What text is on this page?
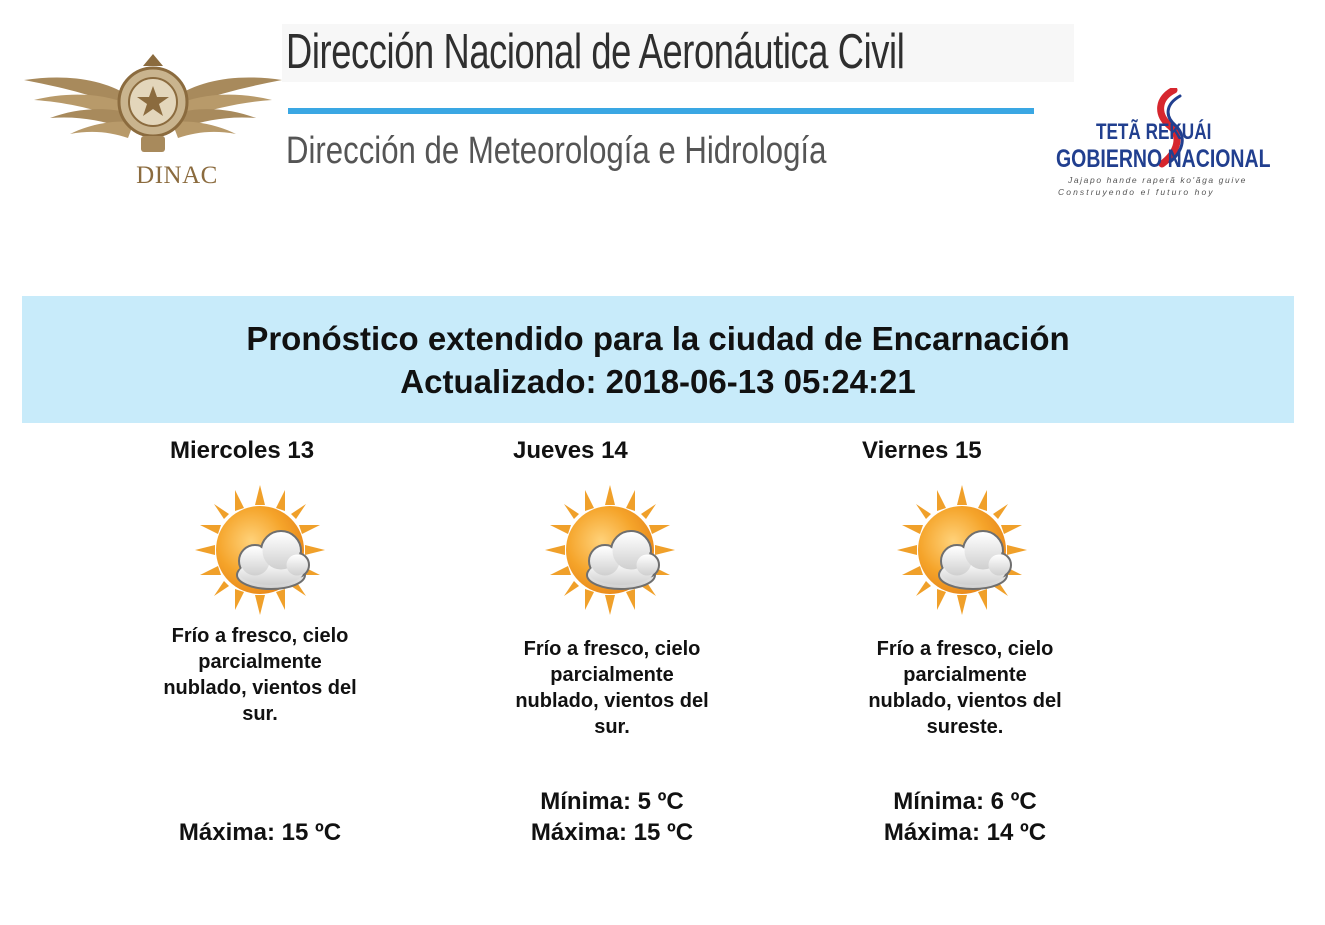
DINAC
Dirección Nacional de Aeronáutica Civil
Dirección de Meteorología e Hidrología	TETÃ REKUÁI
GOBIERNO NACIONAL
Jajapo hande raperã ko'ãga guive
Construyendo el futuro hoy
Pronóstico extendido para la ciudad de Encarnación
Actualizado: 2018-06-13 05:24:21
Miercoles 13
Frío a fresco, cielo parcialmente nublado, vientos del sur.
Máxima: 15 ºC
Jueves 14
Frío a fresco, cielo parcialmente nublado, vientos del sur.
Mínima: 5 ºC
Máxima: 15 ºC
Viernes 15
Frío a fresco, cielo parcialmente nublado, vientos del sureste.
Mínima: 6 ºC
Máxima: 14 ºC
